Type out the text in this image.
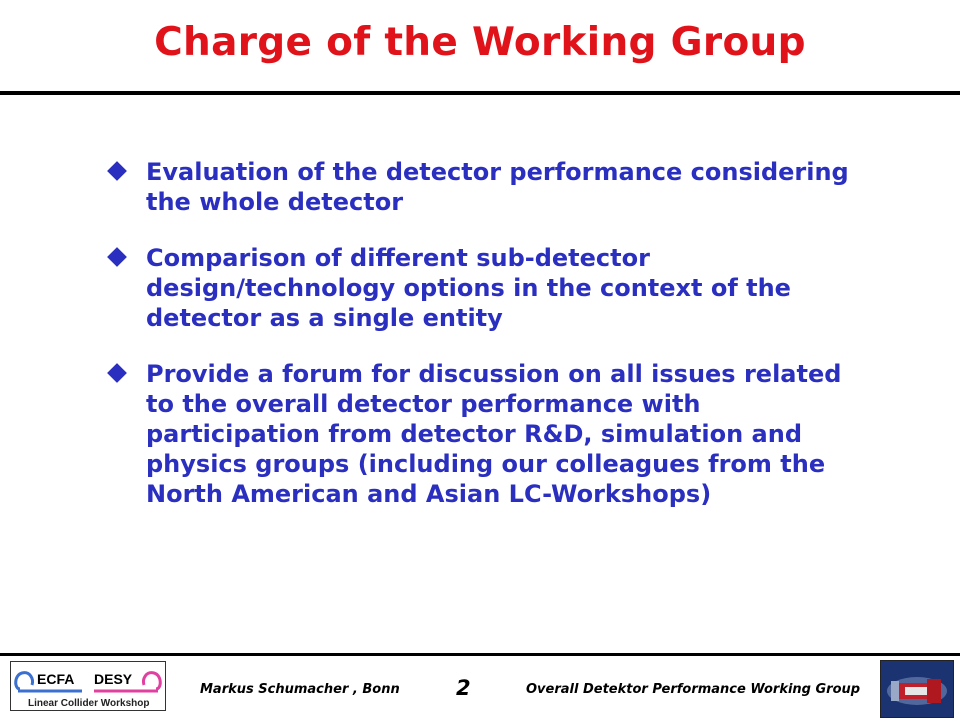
Charge of the Working Group
Evaluation of the detector performance considering the whole detector
Comparison of different sub-detector design/technology options in the context of the detector as a single entity
Provide a forum for discussion on all issues related to the overall detector performance with participation from detector R&D, simulation and physics groups (including our colleagues from the North American and Asian LC-Workshops)
ECFA DESY
Linear Collider Workshop
Markus Schumacher , Bonn	2	Overall Detektor Performance Working Group
